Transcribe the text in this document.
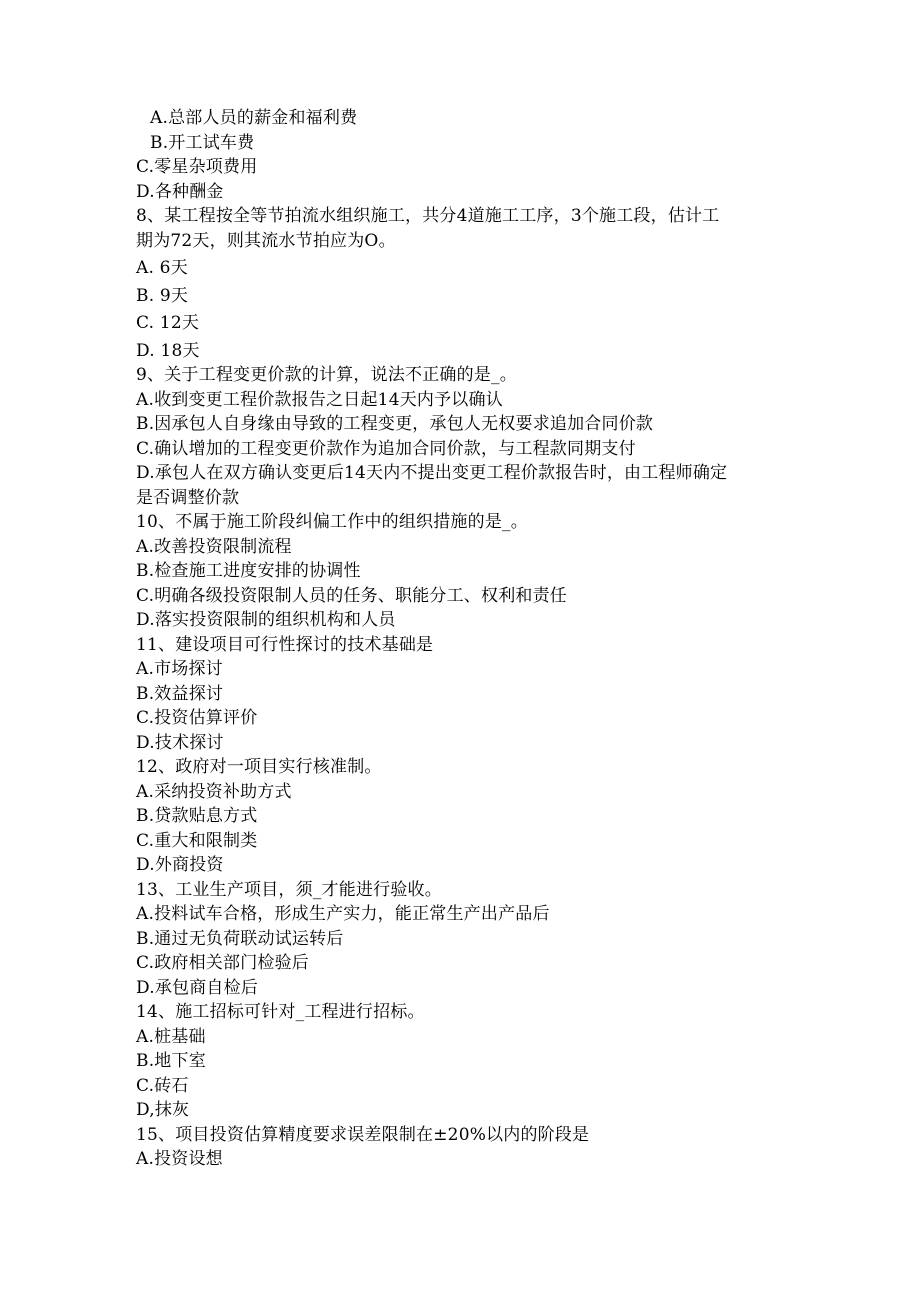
A.总部人员的薪金和福利费
B.开工试车费
C.零星杂项费用
D.各种酬金
8、某工程按全等节拍流水组织施工，共分4道施工工序，3个施工段，估计工
期为72天，则其流水节拍应为O。
A. 6天
B. 9天
C. 12天
D. 18天
9、关于工程变更价款的计算，说法不正确的是_。
A.收到变更工程价款报告之日起14天内予以确认
B.因承包人自身缘由导致的工程变更，承包人无权要求追加合同价款
C.确认增加的工程变更价款作为追加合同价款，与工程款同期支付
D.承包人在双方确认变更后14天内不提出变更工程价款报告时，由工程师确定
是否调整价款
10、不属于施工阶段纠偏工作中的组织措施的是_。
A.改善投资限制流程
B.检查施工进度安排的协调性
C.明确各级投资限制人员的任务、职能分工、权利和责任
D.落实投资限制的组织机构和人员
11、建设项目可行性探讨的技术基础是
A.市场探讨
B.效益探讨
C.投资估算评价
D.技术探讨
12、政府对一项目实行核准制。
A.采纳投资补助方式
B.贷款贴息方式
C.重大和限制类
D.外商投资
13、工业生产项目，须_才能进行验收。
A.投料试车合格，形成生产实力，能正常生产出产品后
B.通过无负荷联动试运转后
C.政府相关部门检验后
D.承包商自检后
14、施工招标可针对_工程进行招标。
A.桩基础
B.地下室
C.砖石
D,抹灰
15、项目投资估算精度要求误差限制在±20%以内的阶段是
A.投资设想
